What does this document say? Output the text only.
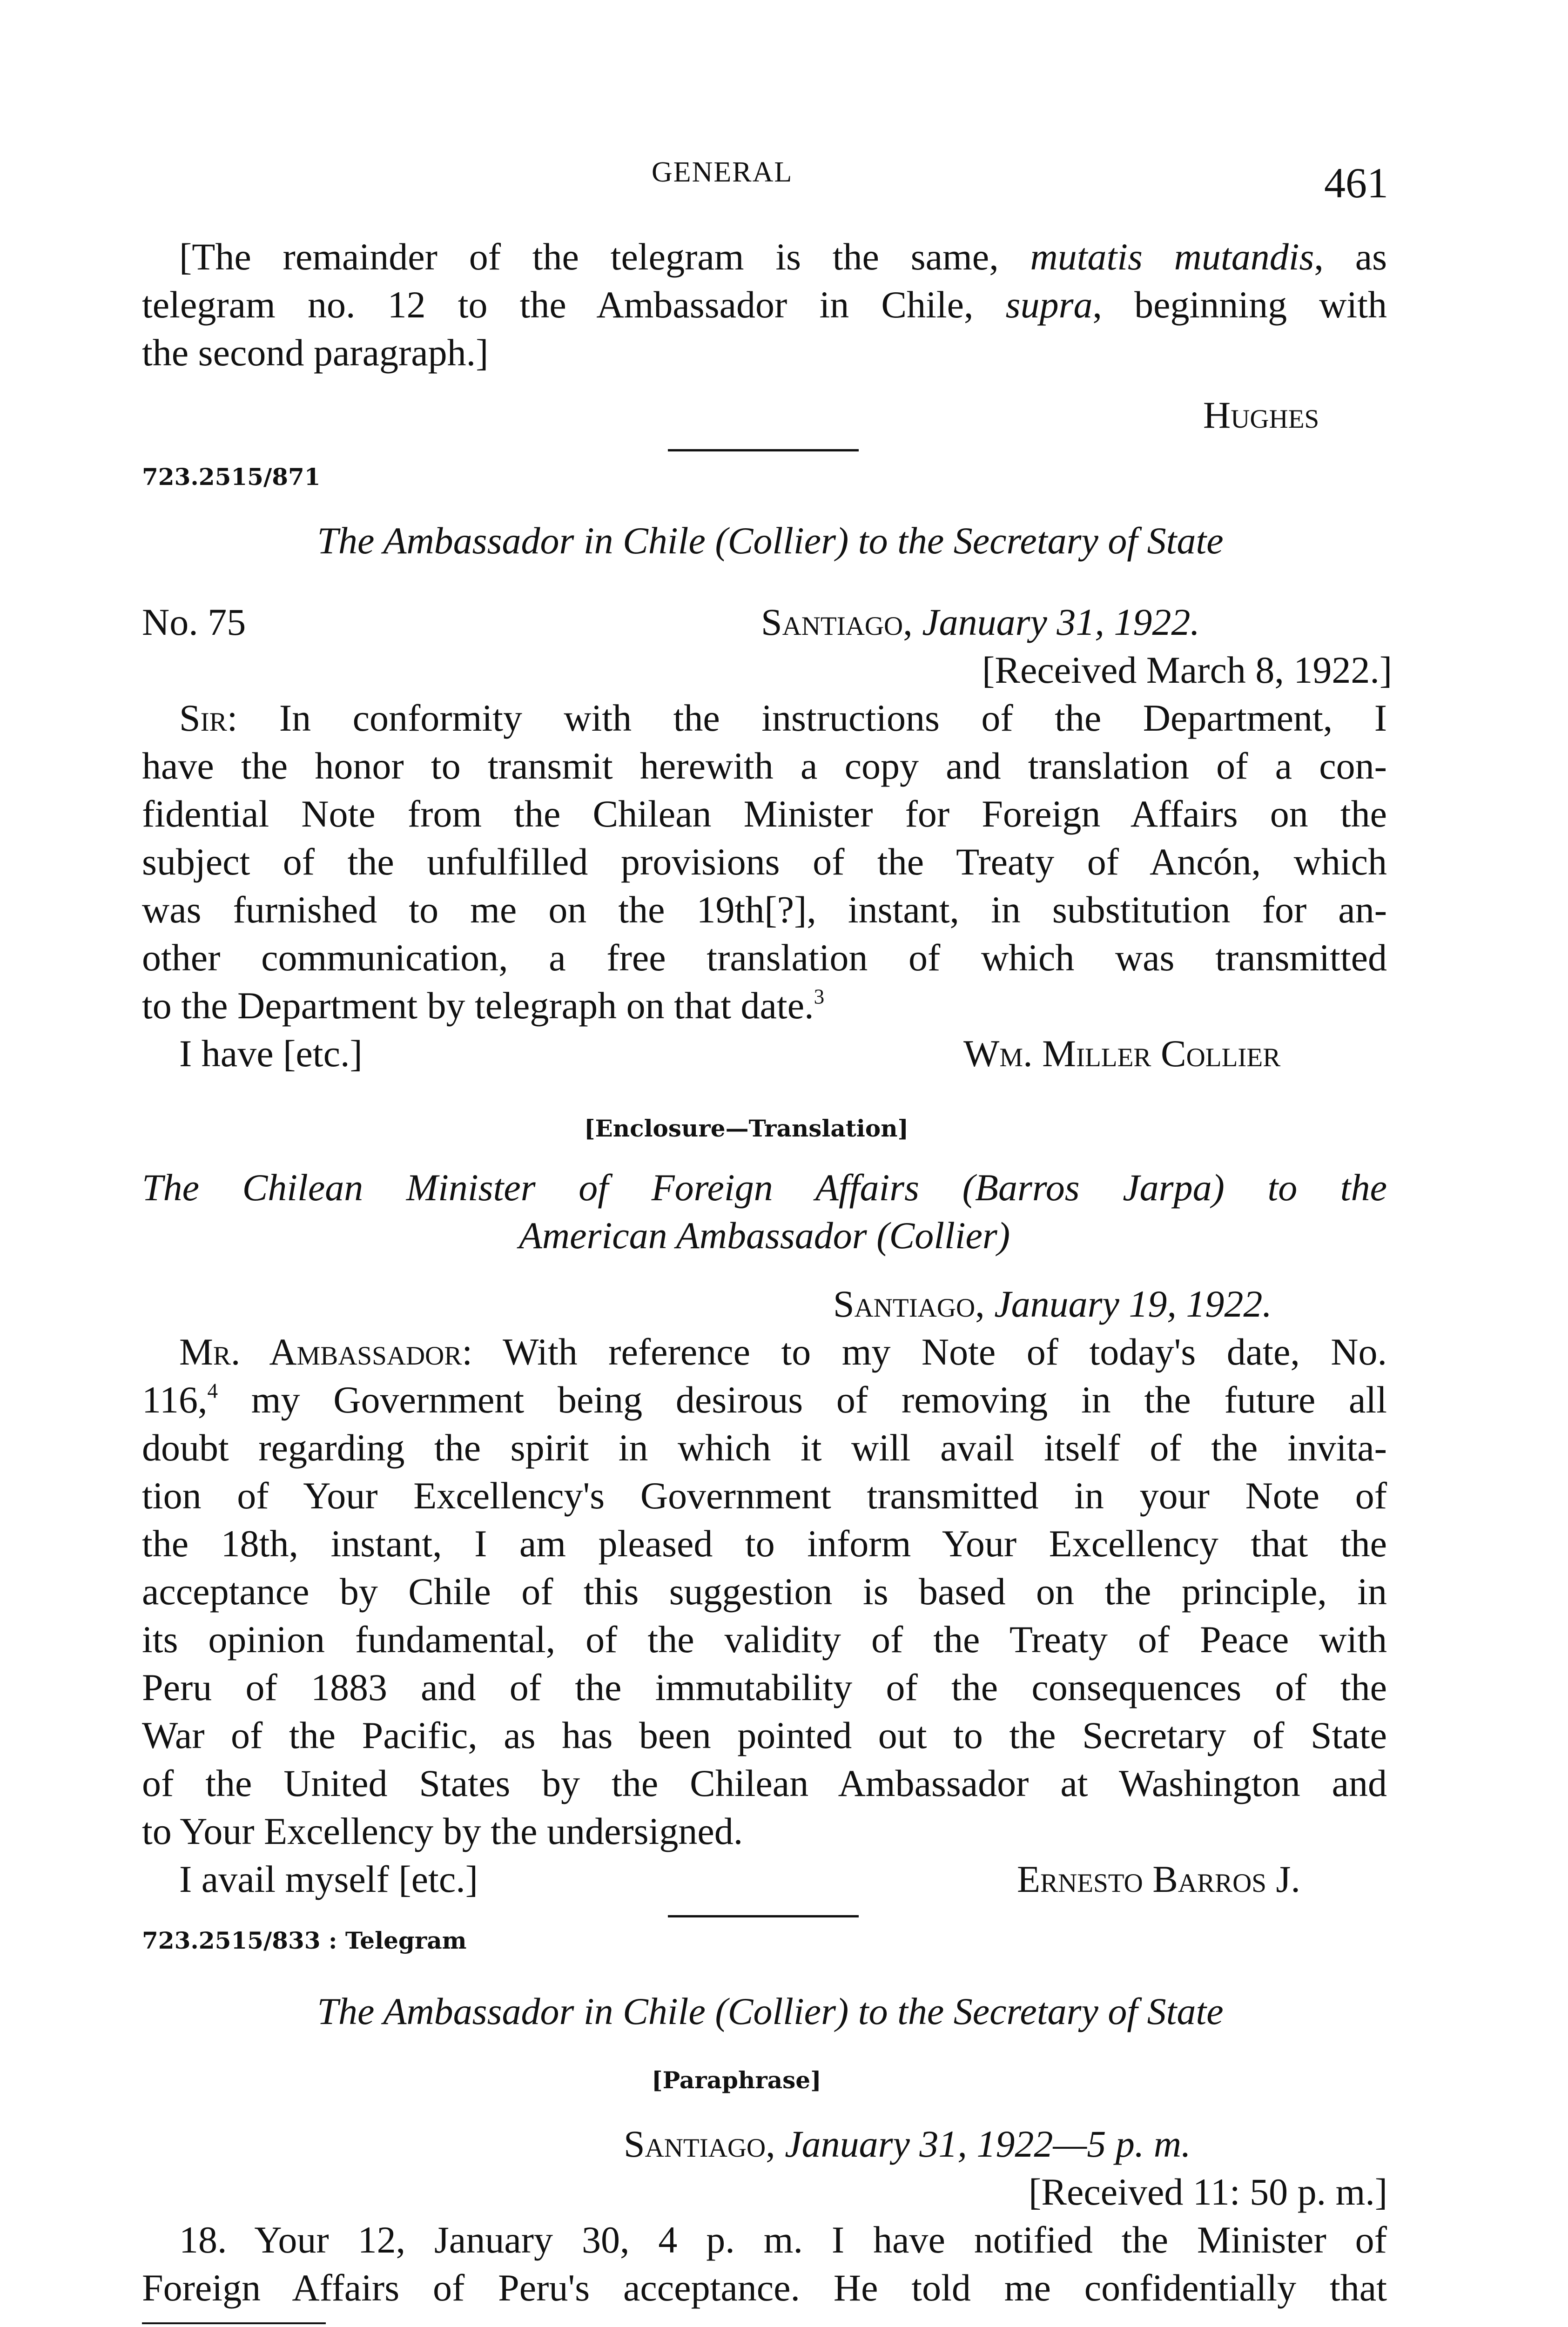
GENERAL	461
[The remainder of the telegram is the same, mutatis mutandis, as
telegram no. 12 to the Ambassador in Chile, supra, beginning with
the second paragraph.]
Hughes
723.2515/871
The Ambassador in Chile (Collier) to the Secretary of State
No. 75	Santiago, January 31, 1922.
[Received March 8, 1922.]
Sir: In conformity with the instructions of the Department, I
have the honor to transmit herewith a copy and translation of a con-
fidential Note from the Chilean Minister for Foreign Affairs on the
subject of the unfulfilled provisions of the Treaty of Ancón, which
was furnished to me on the 19th[?], instant, in substitution for an-
other communication, a free translation of which was transmitted
to the Department by telegraph on that date.$^3$
I have [etc.]	Wm. Miller Collier
[Enclosure—Translation]
The Chilean Minister of Foreign Affairs (Barros Jarpa) to the
American Ambassador (Collier)
Santiago, January 19, 1922.
Mr. Ambassador: With reference to my Note of today's date, No.
116,$^4$ my Government being desirous of removing in the future all
doubt regarding the spirit in which it will avail itself of the invita-
tion of Your Excellency's Government transmitted in your Note of
the 18th, instant, I am pleased to inform Your Excellency that the
acceptance by Chile of this suggestion is based on the principle, in
its opinion fundamental, of the validity of the Treaty of Peace with
Peru of 1883 and of the immutability of the consequences of the
War of the Pacific, as has been pointed out to the Secretary of State
of the United States by the Chilean Ambassador at Washington and
to Your Excellency by the undersigned.
I avail myself [etc.]	Ernesto Barros J.
723.2515/833 : Telegram
The Ambassador in Chile (Collier) to the Secretary of State
[Paraphrase]
Santiago, January 31, 1922—5 p. m.
[Received 11: 50 p. m.]
18. Your 12, January 30, 4 p. m. I have notified the Minister of
Foreign Affairs of Peru's acceptance. He told me confidentially that
